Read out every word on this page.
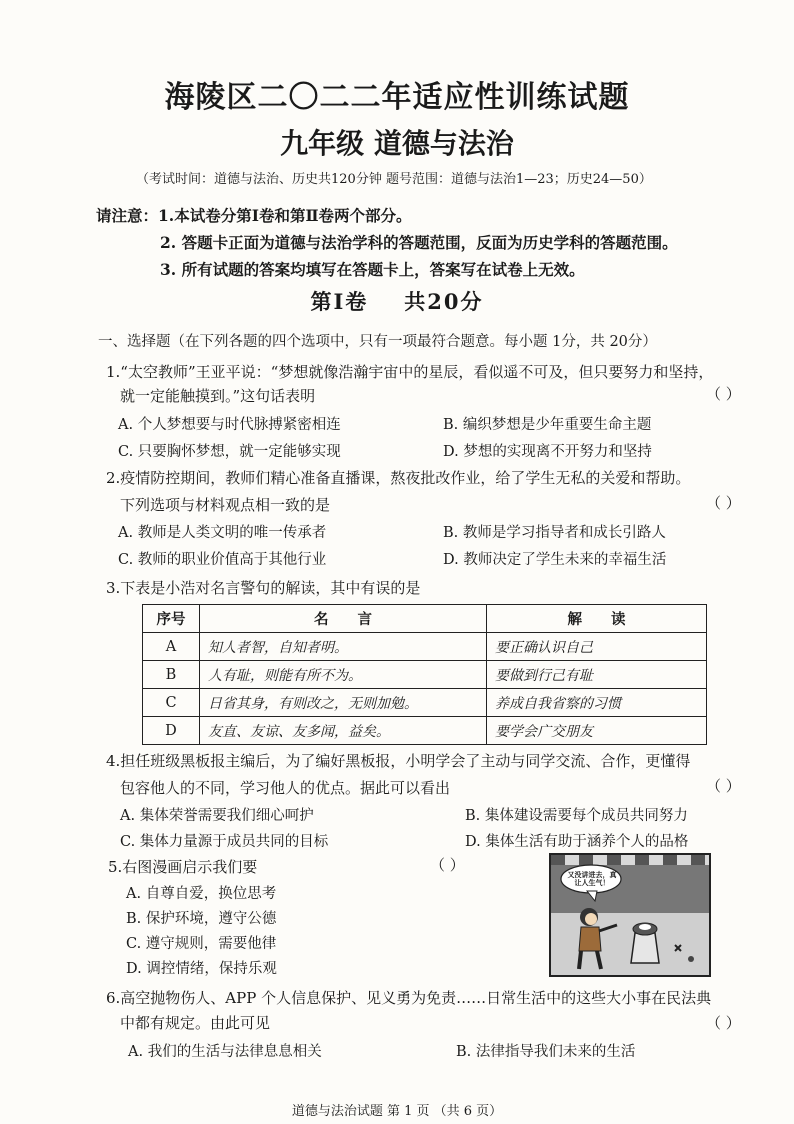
海陵区二〇二二年适应性训练试题
九年级 道德与法治
（考试时间：道德与法治、历史共120分钟 题号范围：道德与法治1—23；历史24—50）
请注意：1.本试卷分第Ⅰ卷和第Ⅱ卷两个部分。
2. 答题卡正面为道德与法治学科的答题范围，反面为历史学科的答题范围。
3. 所有试题的答案均填写在答题卡上，答案写在试卷上无效。
第Ⅰ卷 共20分
一、选择题（在下列各题的四个选项中，只有一项最符合题意。每小题 1分，共 20分）
1.“太空教师”王亚平说：“梦想就像浩瀚宇宙中的星辰，看似遥不可及，但只要努力和坚持，
就一定能触摸到。”这句话表明	（ ）
A. 个人梦想要与时代脉搏紧密相连	B. 编织梦想是少年重要生命主题
C. 只要胸怀梦想，就一定能够实现	D. 梦想的实现离不开努力和坚持
2.疫情防控期间，教师们精心准备直播课，熬夜批改作业，给了学生无私的关爱和帮助。
下列选项与材料观点相一致的是	（ ）
A. 教师是人类文明的唯一传承者	B. 教师是学习指导者和成长引路人
C. 教师的职业价值高于其他行业	D. 教师决定了学生未来的幸福生活
3.下表是小浩对名言警句的解读，其中有误的是
序号	名　　言	解　　读
A	知人者智，自知者明。	要正确认识自己
B	人有耻，则能有所不为。	要做到行己有耻
C	日省其身，有则改之，无则加勉。	养成自我省察的习惯
D	友直、友谅、友多闻，益矣。	要学会广交朋友
4.担任班级黑板报主编后，为了编好黑板报，小明学会了主动与同学交流、合作，更懂得
包容他人的不同，学习他人的优点。据此可以看出	（ ）
A. 集体荣誉需要我们细心呵护	B. 集体建设需要每个成员共同努力
C. 集体力量源于成员共同的目标	D. 集体生活有助于涵养个人的品格
5.右图漫画启示我们要	（ ）
A. 自尊自爱，换位思考
B. 保护环境，遵守公德
C. 遵守规则，需要他律
D. 调控情绪，保持乐观
又没讲进去，真让人生气！
6.高空抛物伤人、APP 个人信息保护、见义勇为免责……日常生活中的这些大小事在民法典
中都有规定。由此可见	（ ）
A. 我们的生活与法律息息相关	B. 法律指导我们未来的生活
道德与法治试题 第 1 页 （共 6 页）
